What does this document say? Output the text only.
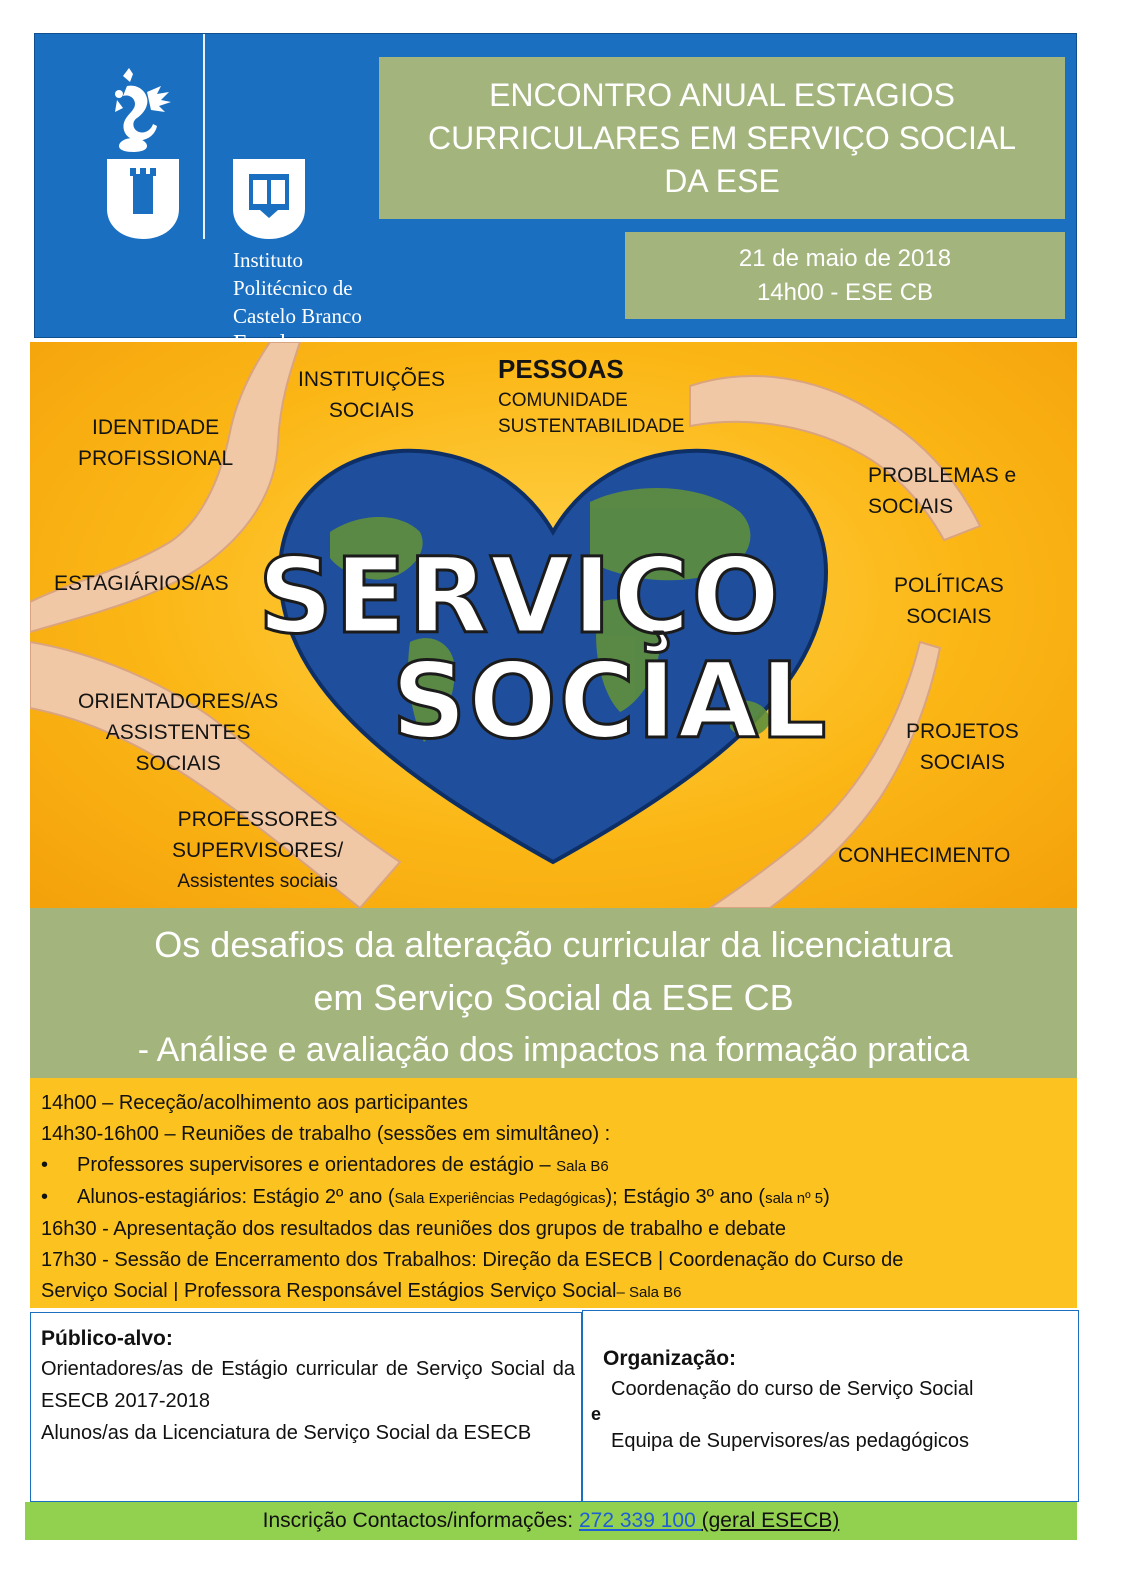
Instituto Politécnico de Castelo Branco
ENCONTRO ANUAL ESTAGIOS
CURRICULARES EM SERVIÇO SOCIAL
DA ESE
21 de maio de 2018
14h00 - ESE CB
SERVIÇO
SOCIAL
INSTITUIÇÕES
SOCIAIS
PESSOAS
COMUNIDADE
SUSTENTABILIDADE
IDENTIDADE
PROFISSIONAL
PROBLEMAS e
SOCIAIS
ESTAGIÁRIOS/AS	POLÍTICAS
SOCIAIS
ORIENTADORES/AS
ASSISTENTES
SOCIAIS
PROJETOS
SOCIAIS
PROFESSORES
SUPERVISORES/
Assistentes sociais
CONHECIMENTO
Os desafios da alteração curricular da licenciatura
em Serviço Social da ESE CB
- Análise e avaliação dos impactos na formação pratica
14h00 – Receção/acolhimento aos participantes
14h30-16h00 – Reuniões de trabalho (sessões em simultâneo) :
• Professores supervisores e orientadores de estágio – Sala B6
• Alunos-estagiários: Estágio 2º ano (Sala Experiências Pedagógicas); Estágio 3º ano (sala nº 5)
16h30 - Apresentação dos resultados das reuniões dos grupos de trabalho e debate
17h30 - Sessão de Encerramento dos Trabalhos: Direção da ESECB | Coordenação do Curso de
Serviço Social | Professora Responsável Estágios Serviço Social– Sala B6
Público-alvo:
Orientadores/as de Estágio curricular de Serviço Social da ESECB 2017-2018
Alunos/as da Licenciatura de Serviço Social da ESECB
Organização:
Coordenação do curso de Serviço Social
e
Equipa de Supervisores/as pedagógicos
Inscrição Contactos/informações: 272 339 100 (geral ESECB)
